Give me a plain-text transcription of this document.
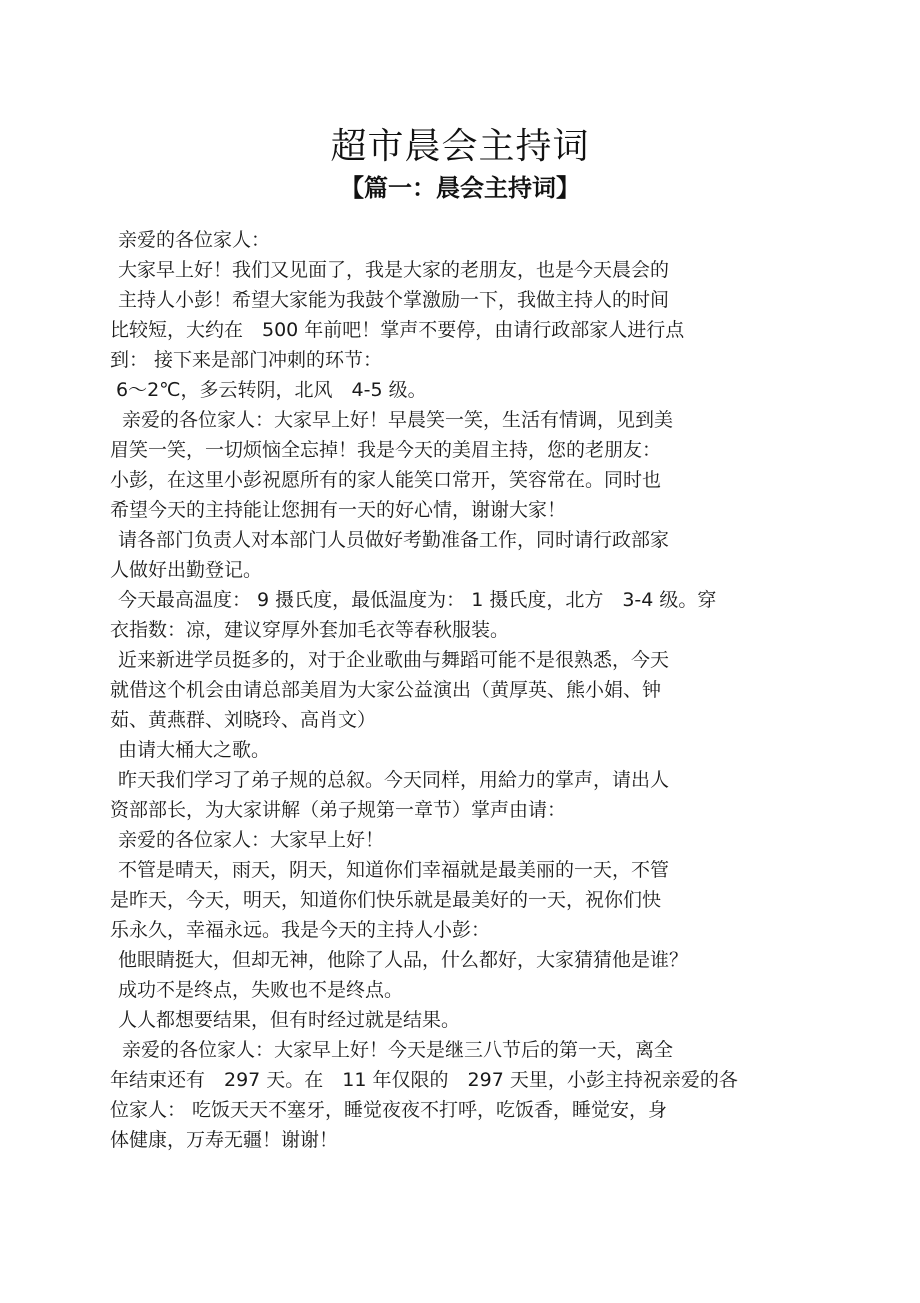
超市晨会主持词
【篇一：晨会主持词】
亲爱的各位家人：
大家早上好！我们又见面了，我是大家的老朋友，也是今天晨会的
主持人小彭！希望大家能为我鼓个掌激励一下，我做主持人的时间
比较短，大约在　500 年前吧！掌声不要停，由请行政部家人进行点
到： 接下来是部门冲刺的环节：
6～2℃，多云转阴，北风　4-5 级。
亲爱的各位家人：大家早上好！早晨笑一笑，生活有情调，见到美
眉笑一笑，一切烦恼全忘掉！我是今天的美眉主持，您的老朋友：
小彭，在这里小彭祝愿所有的家人能笑口常开，笑容常在。同时也
希望今天的主持能让您拥有一天的好心情，谢谢大家！
请各部门负责人对本部门人员做好考勤准备工作，同时请行政部家
人做好出勤登记。
今天最高温度： 9 摄氏度，最低温度为： 1 摄氏度，北方　3-4 级。穿
衣指数：凉，建议穿厚外套加毛衣等春秋服装。
近来新进学员挺多的，对于企业歌曲与舞蹈可能不是很熟悉，今天
就借这个机会由请总部美眉为大家公益演出（黄厚英、熊小娟、钟
茹、黄燕群、刘晓玲、高肖文）
由请大桶大之歌。
昨天我们学习了弟子规的总叙。今天同样，用給力的掌声，请出人
资部部长，为大家讲解（弟子规第一章节）掌声由请：
亲爱的各位家人：大家早上好！
不管是晴天，雨天，阴天，知道你们幸福就是最美丽的一天，不管
是昨天，今天，明天，知道你们快乐就是最美好的一天，祝你们快
乐永久，幸福永远。我是今天的主持人小彭：
他眼睛挺大，但却无神，他除了人品，什么都好，大家猜猜他是谁？
成功不是终点，失败也不是终点。
人人都想要结果，但有时经过就是结果。
亲爱的各位家人：大家早上好！今天是继三八节后的第一天，离全
年结束还有　297 天。在　11 年仅限的　297 天里，小彭主持祝亲爱的各
位家人： 吃饭天天不塞牙，睡觉夜夜不打呼，吃饭香，睡觉安，身
体健康，万寿无疆！谢谢！
